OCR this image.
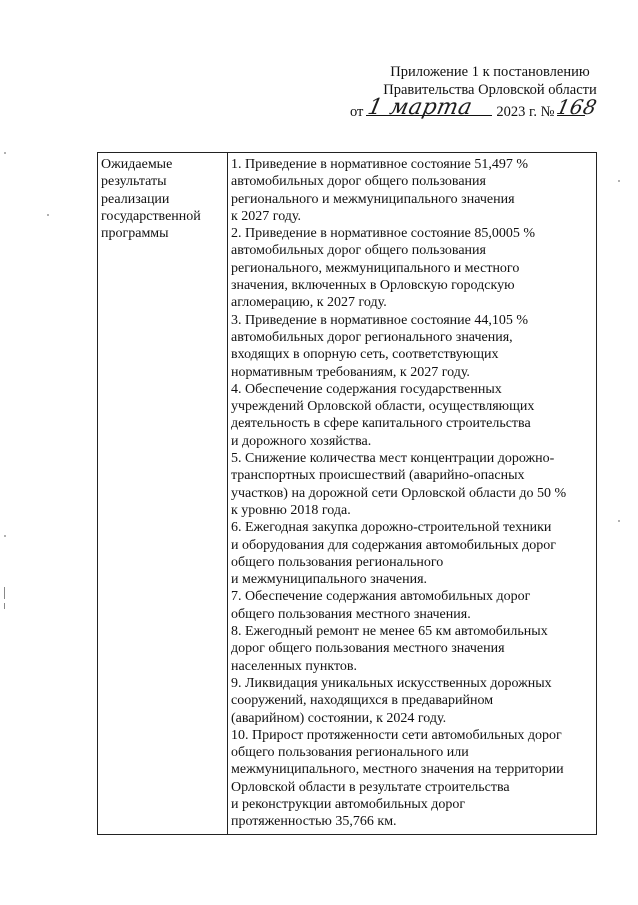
Приложение 1 к постановлению
Правительства Орловской области
от 1 марта 2023 г. № 168
Ожидаемые
результаты
реализации
государственной
программы
1. Приведение в нормативное состояние 51,497 %
автомобильных дорог общего пользования
регионального и межмуниципального значения
к 2027 году.
2. Приведение в нормативное состояние 85,0005 %
автомобильных дорог общего пользования
регионального, межмуниципального и местного
значения, включенных в Орловскую городскую
агломерацию, к 2027 году.
3. Приведение в нормативное состояние 44,105 %
автомобильных дорог регионального значения,
входящих в опорную сеть, соответствующих
нормативным требованиям, к 2027 году.
4. Обеспечение содержания государственных
учреждений Орловской области, осуществляющих
деятельность в сфере капитального строительства
и дорожного хозяйства.
5. Снижение количества мест концентрации дорожно-
транспортных происшествий (аварийно-опасных
участков) на дорожной сети Орловской области до 50 %
к уровню 2018 года.
6. Ежегодная закупка дорожно-строительной техники
и оборудования для содержания автомобильных дорог
общего пользования регионального
и межмуниципального значения.
7. Обеспечение содержания автомобильных дорог
общего пользования местного значения.
8. Ежегодный ремонт не менее 65 км автомобильных
дорог общего пользования местного значения
населенных пунктов.
9. Ликвидация уникальных искусственных дорожных
сооружений, находящихся в предаварийном
(аварийном) состоянии, к 2024 году.
10. Прирост протяженности сети автомобильных дорог
общего пользования регионального или
межмуниципального, местного значения на территории
Орловской области в результате строительства
и реконструкции автомобильных дорог
протяженностью 35,766 км.
